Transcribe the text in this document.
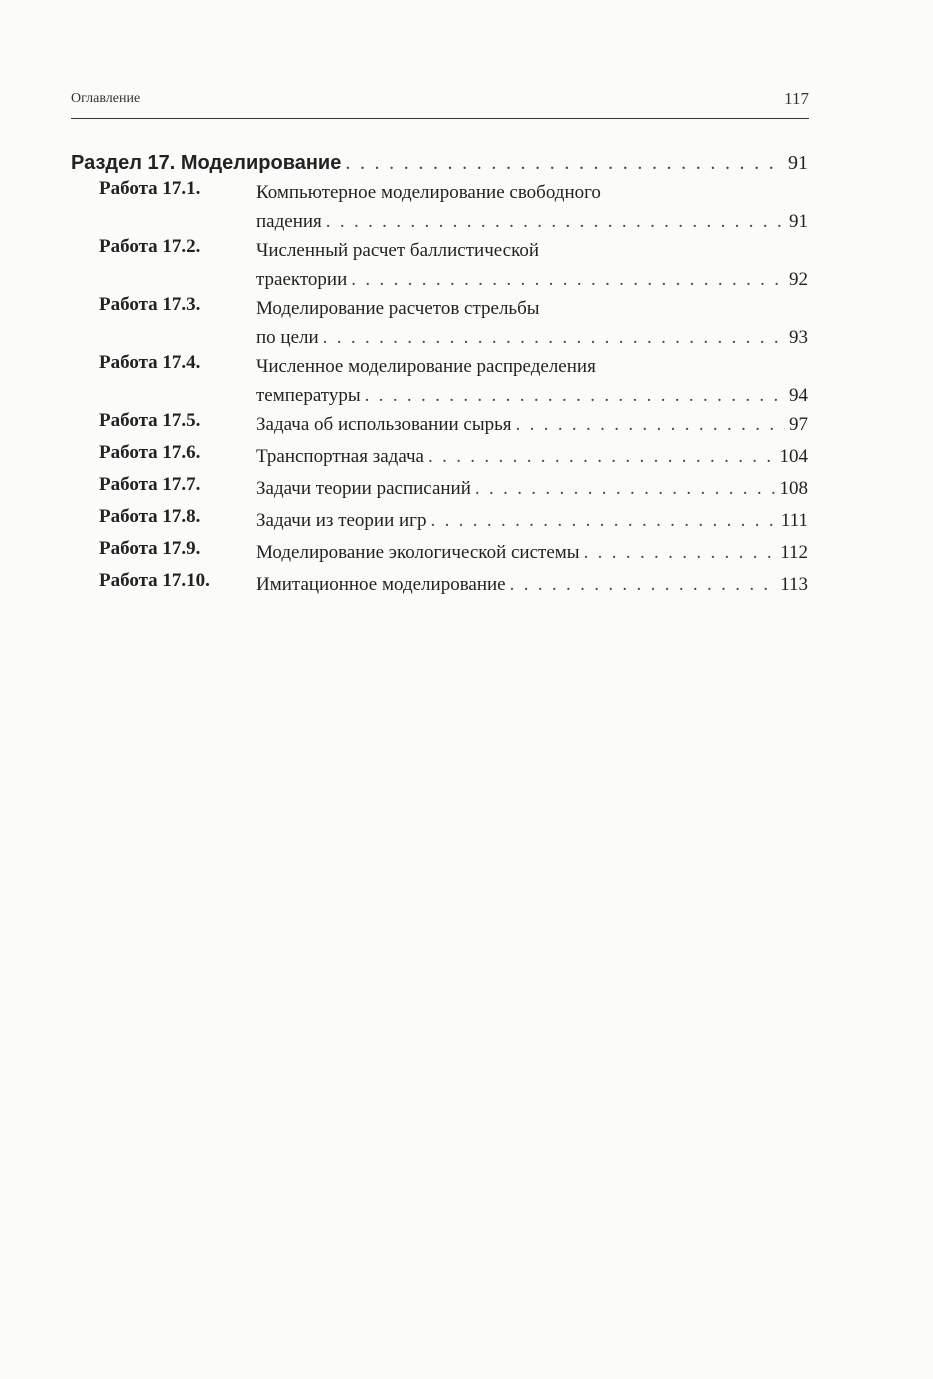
Оглавление	117
Раздел 17. Моделирование . . .	91
Работа 17.1.	Компьютерное моделирование свободного
падения . . .	91
Работа 17.2.	Численный расчет баллистической
траектории . . .	92
Работа 17.3.	Моделирование расчетов стрельбы
по цели . . .	93
Работа 17.4.	Численное моделирование распределения
температуры . . .	94
Работа 17.5.	Задача об использовании сырья . . .	97
Работа 17.6.	Транспортная задача . . .	104
Работа 17.7.	Задачи теории расписаний . . .	108
Работа 17.8.	Задачи из теории игр . . .	111
Работа 17.9.	Моделирование экологической системы . . .	112
Работа 17.10. Имитационное моделирование . . .	113
